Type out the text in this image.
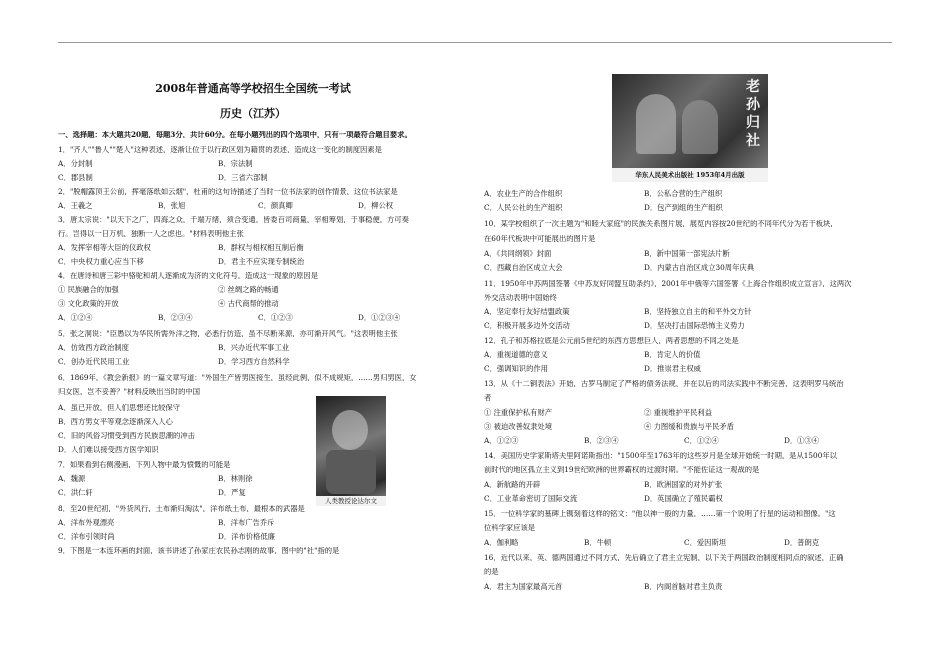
2008年普通高等学校招生全国统一考试
历史（江苏）
一、选择题：本大题共20题，每题3分，共计60分。在每小题列出的四个选项中，只有一项最符合题目要求。
1．"齐人""鲁人""楚人"这种表述，逐渐让位于以行政区划为籍贯的表述，造成这一变化的制度因素是
A．分封制	B．宗法制
C．郡县制	D．三省六部制
2．"脱帽露顶王公前，挥毫落纸如云烟"，杜甫的这句诗描述了当时一位书法家的创作情景，这位书法家是
A．王羲之	B．张旭	C．颜真卿	D．柳公权
3．唐太宗说："以天下之广，四海之众，千端万绪，须合变通，皆委百司商量，宰相筹划，于事稳便，方可奏
行。岂得以一日万机，独断一人之虑也。"材料表明他主张
A．发挥宰相等大臣的仪政权	B．群权与相权相互制后衡
C．中央权力重心应当下移	D．君主不应实现专制统治
4．在唐诗和唐三彩中骆驼和胡人逐渐成为济的文化符号，造成这一现象的原因是
① 民族融合的加强	② 丝绸之路的畅通
③ 文化政策的开放	④ 古代商帮的推动
A．①②④	B．②③④	C．①②③	D．①②③④
5．张之洞说："臣愚以为华民所需外洋之物，必悉行仿造，虽不尽断来源，亦可渐开风气。"这表明他主张
A．仿效西方政治制度	B．兴办近代军事工业
C．创办近代民用工业	D．学习西方自然科学
6．1869年，《教会新报》的一篇文章写道："外国生产皆男医接生，虽经此例，似不成规矩，……男归男医，女
归女医，岂不妥善？"材料反映出当时的中国
A．虽已开放，但人们思想还比较保守
B．西方男女平等观念逐渐深入人心
C．旧的风俗习惯受到西方民族思潮的冲击
D．人们难以接受西方医学知识
7．如果看到右侧漫画，下列人物中最为愤慨的可能是
A．魏源	B．林则徐
C．洪仁轩	D．严复
8．至20世纪初，"外货风行，土布渐归淘汰"，洋布纸土布，最根本的武器是
A．洋布外观漂亮	B．洋布广告乔斥
C．洋布引领时尚	D．洋布价格低廉
9．下图是一本连环画的封面，该书讲述了孙家庄农民孙志刚的故事，图中的"社"指的是
人类教授论达尔文
老孙归社
华东人民美术出版社 1953年4月出版
A．农业生产的合作组织	B．公私合营的生产组织
C．人民公社的生产组织	D．包产到组的生产组织
10．某学校组织了一次主题为"和睦大家庭"的民族关系图片展，展览内容按20世纪的不同年代分为若干板块，
在60年代板块中可能展出的图片是
A．《共同纲领》封面	B．新中国第一部宪法片断
C．西藏自治区成立大会	D．内蒙古自治区成立30周年庆典
11．1950年中苏两国签署《中苏友好同盟互助条约》，2001年中俄等六国签署《上海合作组织成立宣言》，这两次
外交活动表明中国始终
A．坚定奉行友好结盟政策	B．坚持独立自主的和平外交方针
C．积极开展多边外交活动	D．坚决打击国际恐怖主义势力
12．孔子和苏格拉底是公元前5世纪的东西方思想巨人，两者思想的不同之处是
A．重视道德的意义	B．肯定人的价值
C．强调知识的作用	D．推崇君主权威
13．从《十二铜表法》开始，古罗马制定了严格的债务法规，并在以后的司法实践中不断完善，这表明罗马统治
者
① 注重保护私有财产	② 重视维护平民利益
③ 被迫改善奴隶处境	④ 力图缓和贵族与平民矛盾
A．①②③	B．②③④	C．①②④	D．①③④
14．美国历史学家斯塔夫里阿诺斯指出："1500年至1763年的这些岁月是全球开始统一时期，是从1500年以
前时代的地区孤立主义到19世纪欧洲的世界霸权的过渡时期。"不能佐证这一观战的是
A．新航路的开辟	B．欧洲国家的对外扩张
C．工业革命密切了国际交流	D．英国确立了殖民霸权
15．一位科学家的墓碑上镌刻着这样的铭文："他以神一般的力量，……第一个说明了行星的运动和图像。"这
位科学家应该是
A．伽利略	B．牛顿	C．爱因斯坦	D．普朗克
16．近代以来，英、德两国通过不同方式，先后确立了君主立宪制，以下关于两国政治制度相同点的叙述，正确
的是
A．君主为国家最高元首	B．内阁首脑对君主负责
